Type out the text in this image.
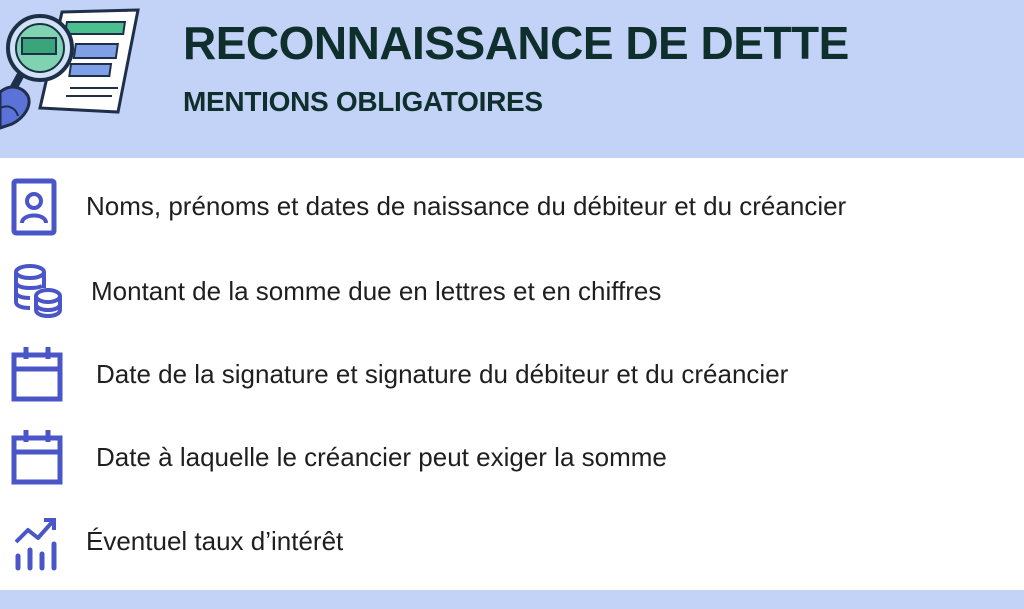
RECONNAISSANCE DE DETTE
MENTIONS OBLIGATOIRES
Noms, prénoms et dates de naissance du débiteur et du créancier
Montant de la somme due en lettres et en chiffres
Date de la signature et signature du débiteur et du créancier
Date à laquelle le créancier peut exiger la somme
Éventuel taux d’intérêt
